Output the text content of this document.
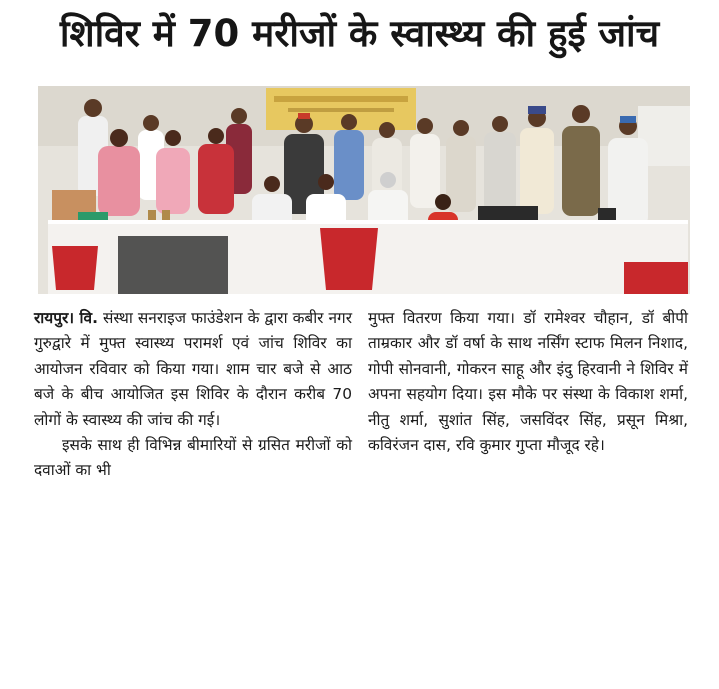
शिविर में 70 मरीजों के स्वास्थ्य की हुई जांच

रायपुर। वि. संस्था सनराइज फाउंडेशन के द्वारा कबीर नगर गुरुद्वारे में मुफ्त स्वास्थ्य परामर्श एवं जांच शिविर का आयोजन रविवार को किया गया। शाम चार बजे से आठ बजे के बीच आयोजित इस शिविर के दौरान करीब 70 लोगों के स्वास्थ्य की जांच की गई।

इसके साथ ही विभिन्न बीमारियों से ग्रसित मरीजों को दवाओं का भी

मुफ्त वितरण किया गया। डॉ रामेश्वर चौहान, डॉ बीपी ताम्रकार और डॉ वर्षा के साथ नर्सिंग स्टाफ मिलन निशाद, गोपी सोनवानी, गोकरन साहू और इंदु हिरवानी ने शिविर में अपना सहयोग दिया। इस मौके पर संस्था के विकाश शर्मा, नीतु शर्मा, सुशांत सिंह, जसविंदर सिंह, प्रसून मिश्रा, कविरंजन दास, रवि कुमार गुप्ता मौजूद रहे।
